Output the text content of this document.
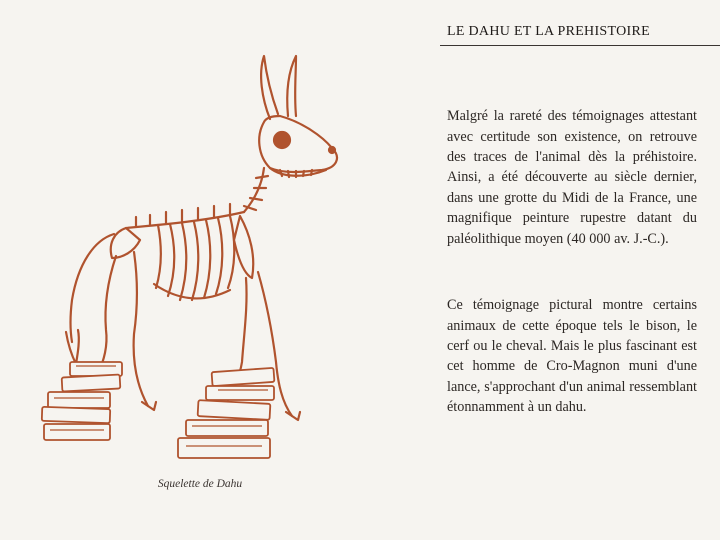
Squelette de Dahu
LE DAHU ET LA PREHISTOIRE

Malgré la rareté des témoignages attestant avec certitude son existence, on retrouve des traces de l'animal dès la préhistoire. Ainsi, a été découverte au siècle dernier, dans une grotte du Midi de la France, une magnifique peinture rupestre datant du paléolithique moyen (40 000 av. J.-C.).

Ce témoignage pictural montre certains animaux de cette époque tels le bison, le cerf ou le cheval. Mais le plus fascinant est cet homme de Cro-Magnon muni d'une lance, s'approchant d'un animal ressemblant étonnamment à un dahu.
